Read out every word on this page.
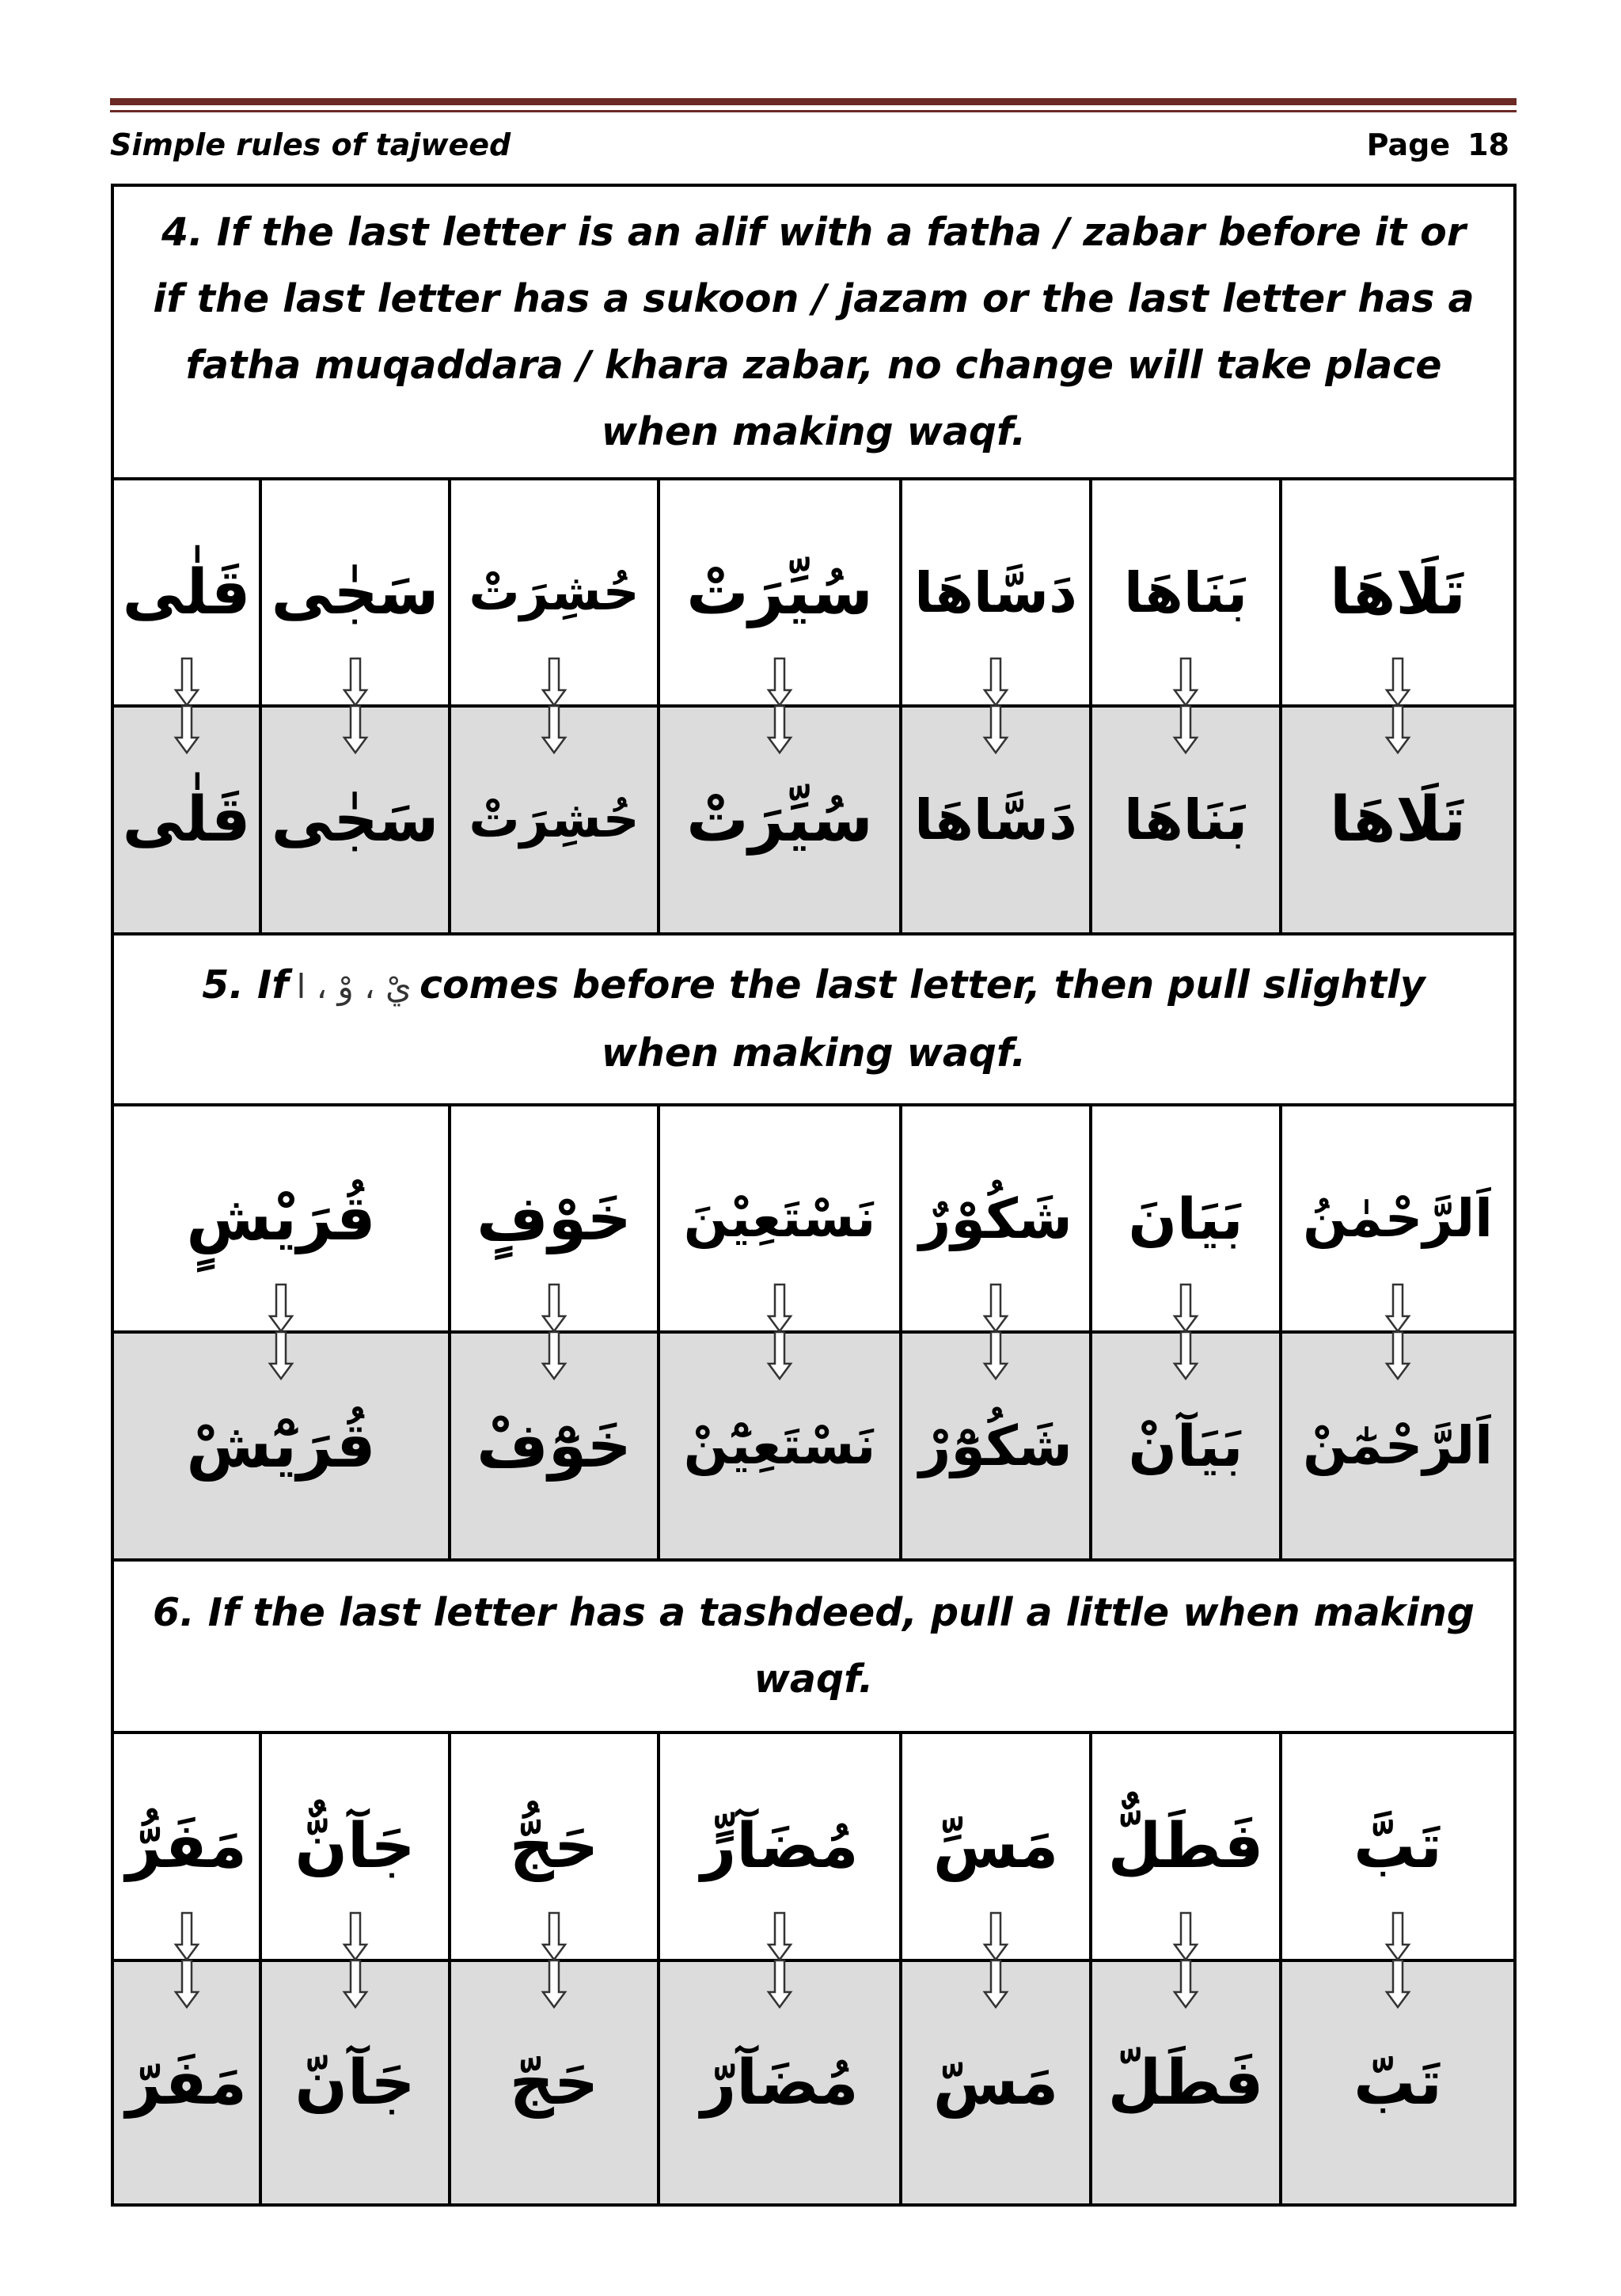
Simple rules of tajweed	Page 18
4. If the last letter is an alif with a fatha / zabar before it or if the last letter has a sukoon / jazam or the last letter has a fatha muqaddara / khara zabar, no change will take place when making waqf.
قَلٰى سَجٰى حُشِرَتْ سُيِّرَتْ دَسَّاهَا بَنَاهَا تَلَاهَا
قَلٰى سَجٰى حُشِرَتْ سُيِّرَتْ دَسَّاهَا بَنَاهَا تَلَاهَا
5. If يْ ، وْ ، ا comes before the last letter, then pull slightly when making waqf.
قُرَيْشٍ خَوْفٍ نَسْتَعِيْنَ شَكُوْرٌ بَيَانَ اَلرَّحْمٰنُ
قُرَيْٓشْ خَوْٓفْ نَسْتَعِيْٓنْ شَكُوْٓرْ بَيَآنْ اَلرَّحْمٰٓنْ
6. If the last letter has a tashdeed, pull a little when making waqf.
مَفَرُّ جَآنٌّ حَجُّ مُضَآرٍّ مَسِّ فَطَلٌّ تَبَّ
مَفَرّ جَآنّ حَجّ مُضَآرّ مَسّ فَطَلّ تَبّ
